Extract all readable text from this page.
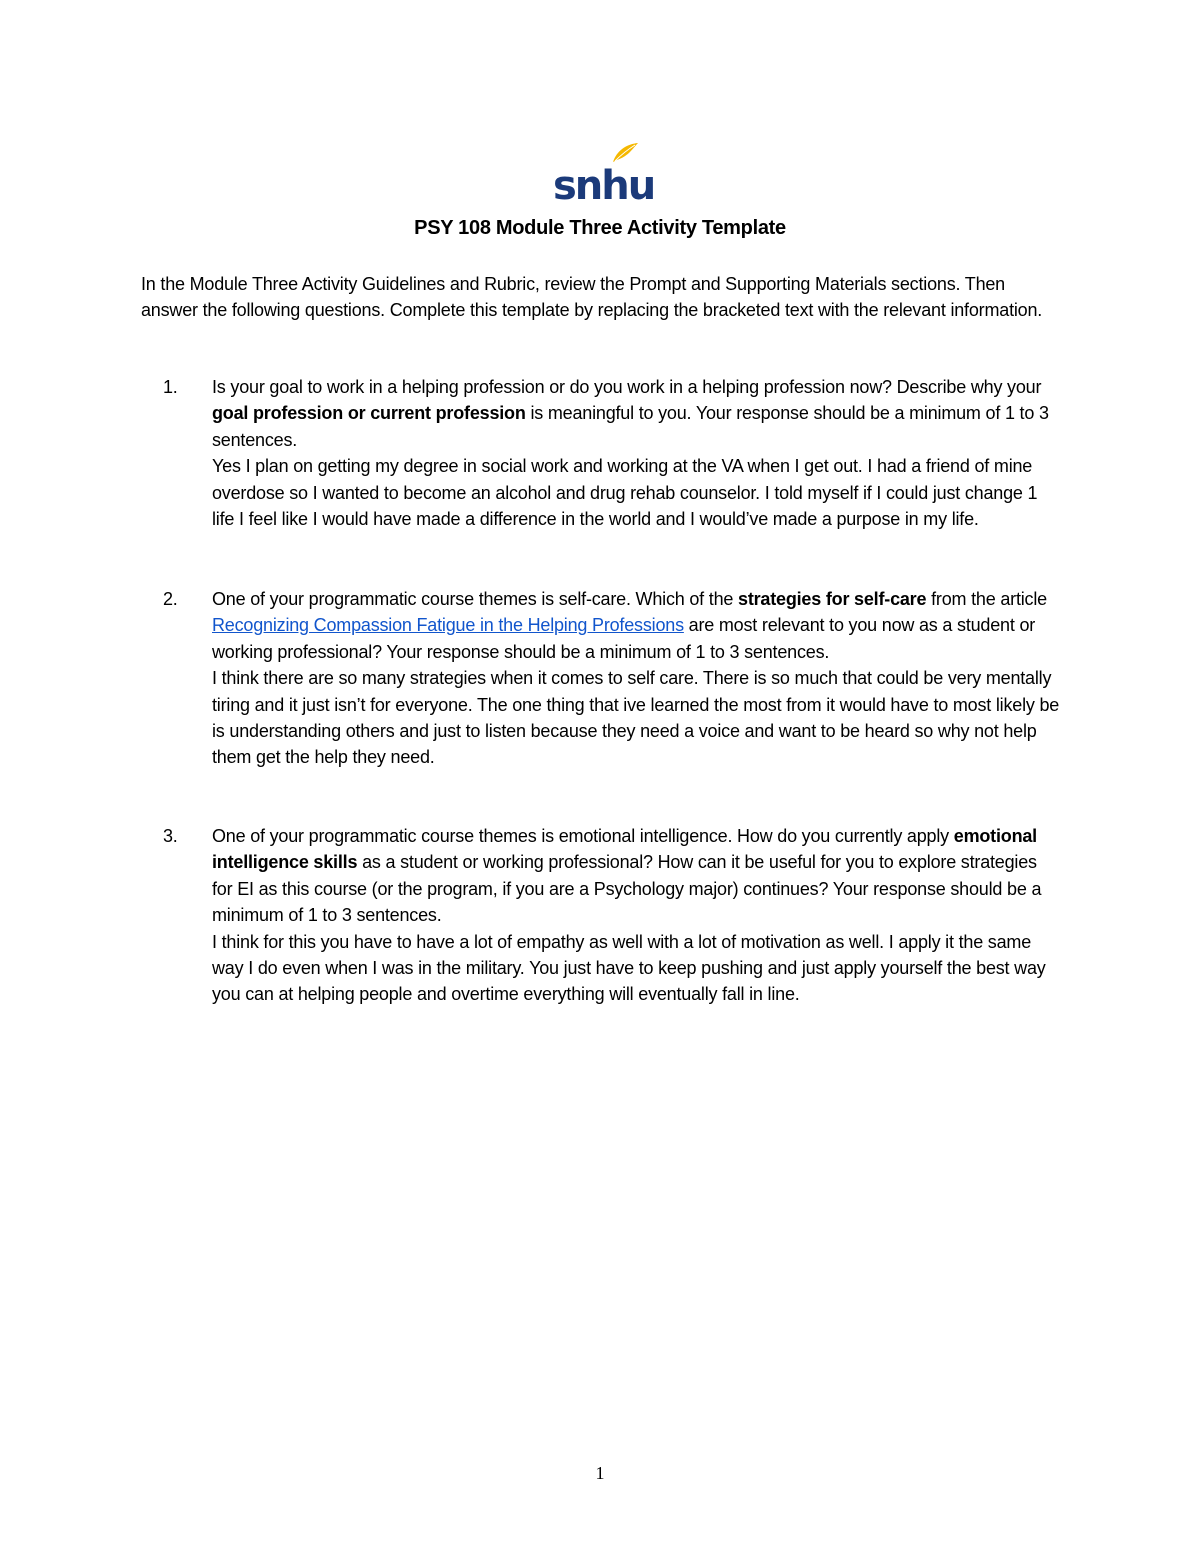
snhu
PSY 108 Module Three Activity Template
In the Module Three Activity Guidelines and Rubric, review the Prompt and Supporting Materials sections. Then answer the following questions. Complete this template by replacing the bracketed text with the relevant information.
1.	Is your goal to work in a helping profession or do you work in a helping profession now? Describe why your goal profession or current profession is meaningful to you. Your response should be a minimum of 1 to 3 sentences.

Yes I plan on getting my degree in social work and working at the VA when I get out. I had a friend of mine overdose so I wanted to become an alcohol and drug rehab counselor. I told myself if I could just change 1 life I feel like I would have made a difference in the world and I would’ve made a purpose in my life.

2.	One of your programmatic course themes is self-care. Which of the strategies for self-care from the article Recognizing Compassion Fatigue in the Helping Professions are most relevant to you now as a student or working professional? Your response should be a minimum of 1 to 3 sentences.

I think there are so many strategies when it comes to self care. There is so much that could be very mentally tiring and it just isn’t for everyone. The one thing that ive learned the most from it would have to most likely be is understanding others and just to listen because they need a voice and want to be heard so why not help them get the help they need.

3.	One of your programmatic course themes is emotional intelligence. How do you currently apply emotional intelligence skills as a student or working professional? How can it be useful for you to explore strategies for EI as this course (or the program, if you are a Psychology major) continues? Your response should be a minimum of 1 to 3 sentences.

I think for this you have to have a lot of empathy as well with a lot of motivation as well. I apply it the same way I do even when I was in the military. You just have to keep pushing and just apply yourself the best way you can at helping people and overtime everything will eventually fall in line.

1
